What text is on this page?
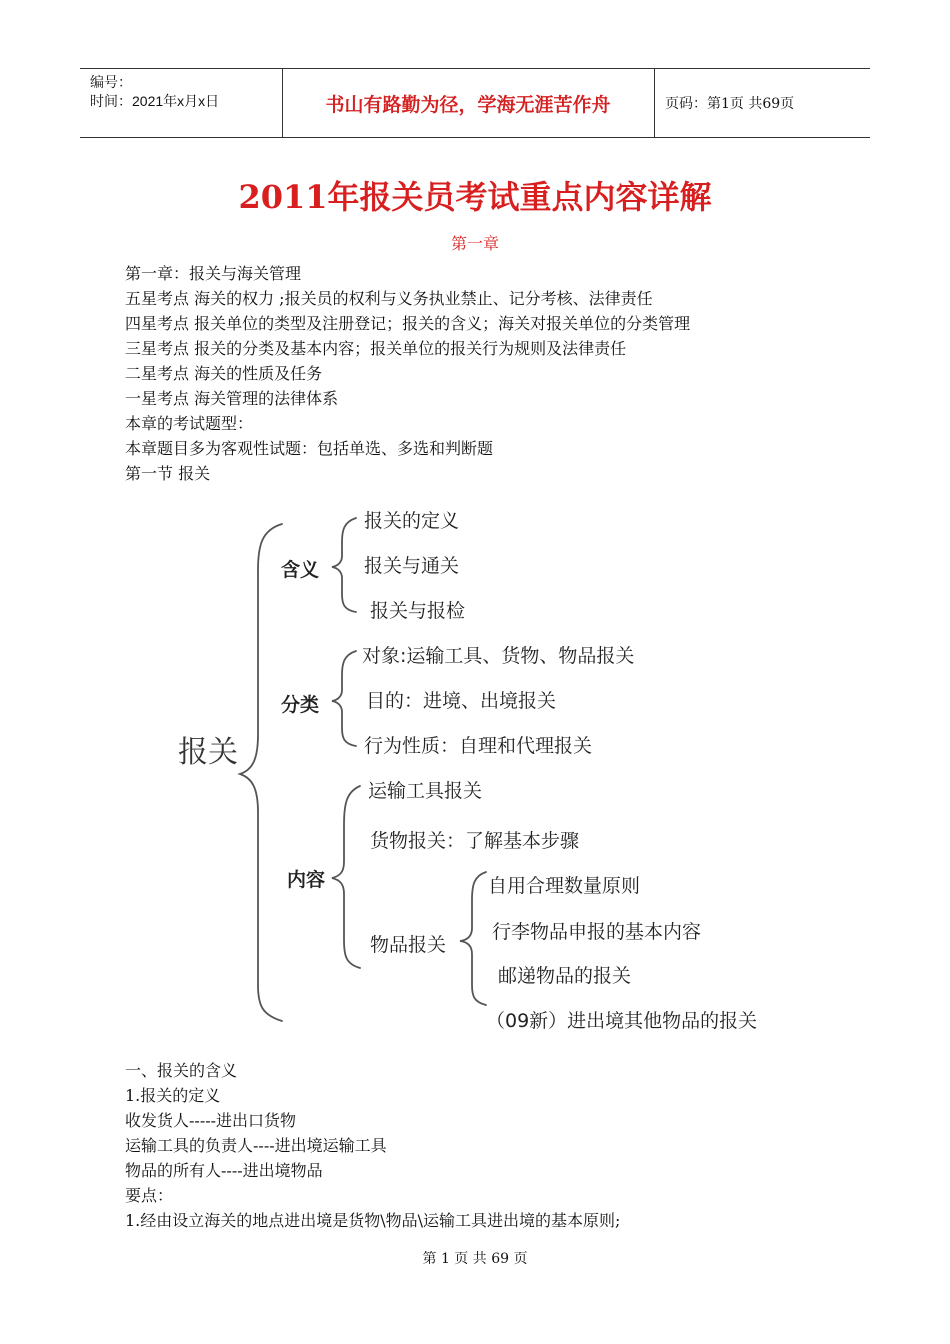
编号：
时间：2021年x月x日	书山有路勤为径，学海无涯苦作舟	页码：第1页 共69页
2011年报关员考试重点内容详解
第一章
第一章：报关与海关管理
五星考点 海关的权力 ;报关员的权利与义务执业禁止、记分考核、法律责任
四星考点 报关单位的类型及注册登记；报关的含义；海关对报关单位的分类管理
三星考点 报关的分类及基本内容；报关单位的报关行为规则及法律责任
二星考点 海关的性质及任务
一星考点 海关管理的法律体系
本章的考试题型：
本章题目多为客观性试题：包括单选、多选和判断题
第一节 报关
报关
含义
报关的定义
报关与通关
报关与报检
分类
对象:运输工具、货物、物品报关
目的：进境、出境报关
行为性质：自理和代理报关
内容
运输工具报关
货物报关：了解基本步骤
物品报关
自用合理数量原则
行李物品申报的基本内容
邮递物品的报关
（09新）进出境其他物品的报关
一、报关的含义
1.报关的定义
收发货人-----进出口货物
运输工具的负责人----进出境运输工具
物品的所有人----进出境物品
要点：
1.经由设立海关的地点进出境是货物\物品\运输工具进出境的基本原则;
第 1 页 共 69 页
